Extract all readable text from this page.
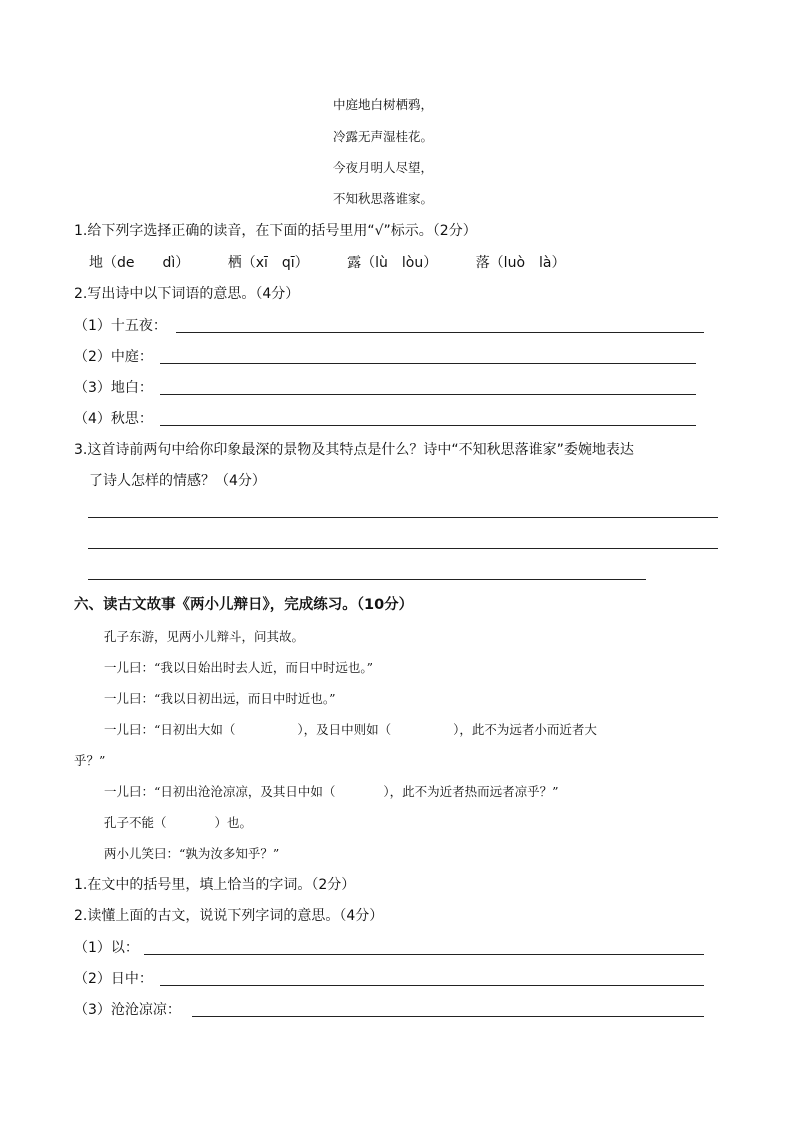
中庭地白树栖鸦，
冷露无声湿桂花。
今夜月明人尽望，
不知秋思落谁家。
1.给下列字选择正确的读音，在下面的括号里用“√”标示。（2分）
地（de　　dì）	栖（xī　qī）	露（lù　lòu）	落（luò　là）
2.写出诗中以下词语的意思。（4分）
（1）十五夜：
（2）中庭：
（3）地白：
（4）秋思：
3.这首诗前两句中给你印象最深的景物及其特点是什么？诗中“不知秋思落谁家”委婉地表达
了诗人怎样的情感？（4分）
六、读古文故事《两小儿辩日》，完成练习。（10分）
孔子东游，见两小儿辩斗，问其故。
一儿曰：“我以日始出时去人近，而日中时远也。”
一儿曰：“我以日初出远，而日中时近也。”
一儿曰：“日初出大如（	），及日中则如（	），此不为远者小而近者大
乎？”
一儿曰：“日初出沧沧凉凉，及其日中如（	），此不为近者热而远者凉乎？”
孔子不能（	）也。
两小儿笑曰：“孰为汝多知乎？”
1.在文中的括号里，填上恰当的字词。（2分）
2.读懂上面的古文，说说下列字词的意思。（4分）
（1）以：
（2）日中：
（3）沧沧凉凉：
